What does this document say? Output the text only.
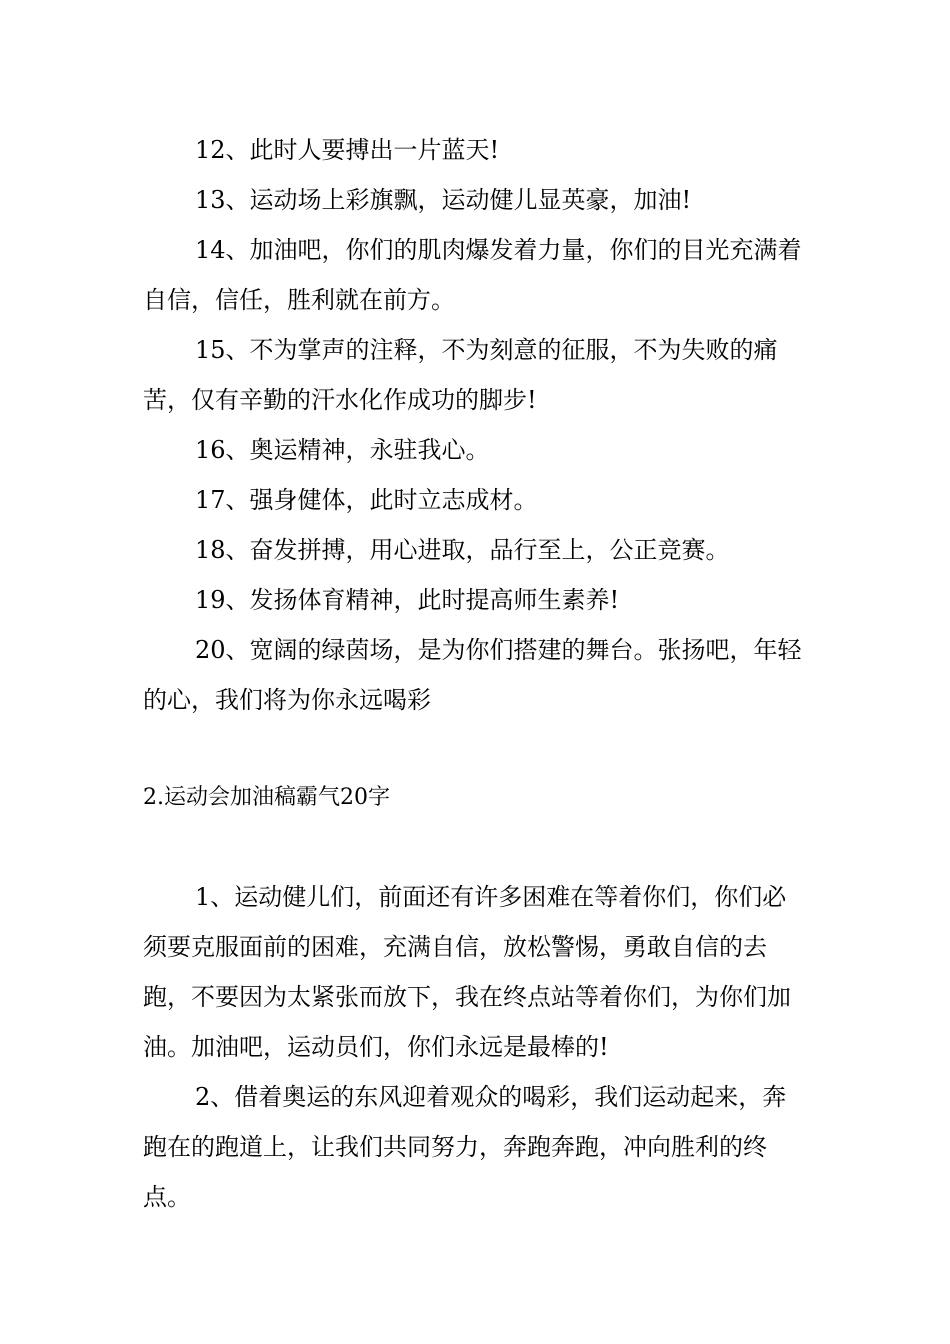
12、此时人要搏出一片蓝天!

13、运动场上彩旗飘，运动健儿显英豪，加油!

14、加油吧，你们的肌肉爆发着力量，你们的目光充满着自信，信任，胜利就在前方。

15、不为掌声的注释，不为刻意的征服，不为失败的痛苦，仅有辛勤的汗水化作成功的脚步!

16、奥运精神，永驻我心。

17、强身健体，此时立志成材。

18、奋发拼搏，用心进取，品行至上，公正竞赛。

19、发扬体育精神，此时提高师生素养!

20、宽阔的绿茵场，是为你们搭建的舞台。张扬吧，年轻的心，我们将为你永远喝彩

2.运动会加油稿霸气20字

1、运动健儿们，前面还有许多困难在等着你们，你们必须要克服面前的困难，充满自信，放松警惕，勇敢自信的去跑，不要因为太紧张而放下，我在终点站等着你们，为你们加油。加油吧，运动员们，你们永远是最棒的!

2、借着奥运的东风迎着观众的喝彩，我们运动起来，奔跑在的跑道上，让我们共同努力，奔跑奔跑，冲向胜利的终点。
